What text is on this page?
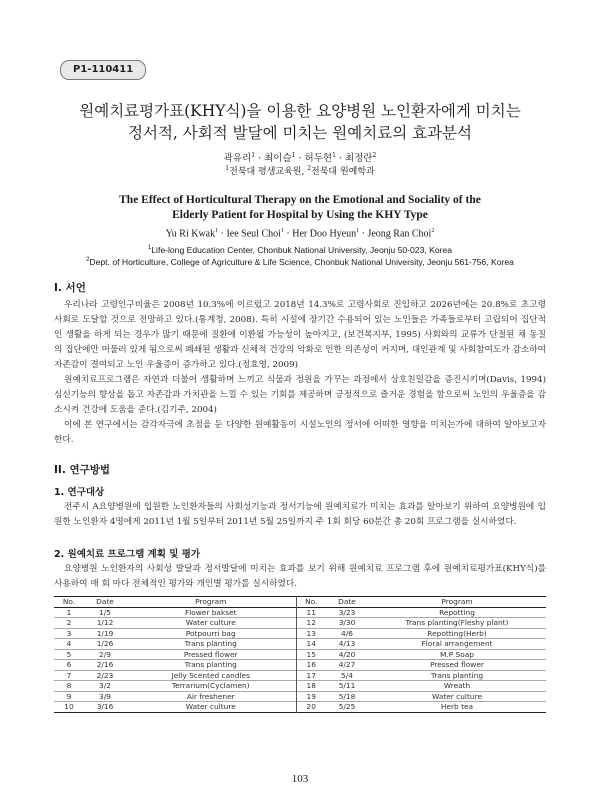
P1-110411
원예치료평가표(KHY식)을 이용한 요양병원 노인환자에게 미치는
정서적, 사회적 발달에 미치는 원예치료의 효과분석
곽유리$^1$ · 최이슬$^1$ · 허두현$^1$ · 최정란$^2$
$^1$전북대 평생교육원, $^2$전북대 원예학과
The Effect of Horticultural Therapy on the Emotional and Sociality of the
Elderly Patient for Hospital by Using the KHY Type
Yu Ri Kwak$^1$ · Iee Seul Choi$^1$ · Her Doo Hyeun$^1$ · Jeong Ran Choi$^2$
$^1$Life-long Education Center, Chonbuk National University, Jeonju 50-023, Korea
$^2$Dept. of Horticulture, College of Agriculture & Life Science, Chonbuk National University, Jeonju 561-756, Korea
I. 서언

우리나라 고령인구비율은 2008년 10.3%에 이르렀고 2018년 14.3%로 고령사회로 진입하고 2026년에는 20.8%로 초고령 사회로 도달할 것으로 전망하고 있다.(통계청, 2008). 특히 시설에 장기간 수용되어 있는 노인들은 가족들로부터 고립되어 집단적인 생활을 하게 되는 경우가 많기 때문에 질환에 이환될 가능성이 높아지고, (보건복지부, 1995) 사회와의 교류가 단절된 채 동질의 집단에만 머물러 있게 됨으로써 폐쇄된 생활과 신체적 건강의 악화로 인한 의존성이 커지며, 대인관계 및 사회참여도가 감소하여 자존감이 결여되고 노인 우울증이 증가하고 있다.(정효영, 2009)

원예치료프로그램은 자연과 더불어 생활하며 느끼고 식물과 정원을 가꾸는 과정에서 상호친밀감을 증진시키며(Davis, 1994) 심신기능의 향상을 돕고 자존감과 가치관을 느낄 수 있는 기회를 제공하며 긍정적으로 즐거운 경험을 함으로써 노인의 우울증을 감소시켜 건강에 도움을 준다.(김기주, 2004)

이에 본 연구에서는 감각자극에 초점을 둔 다양한 원예활동이 시설노인의 정서에 어떠한 영향을 미치는가에 대하여 알아보고자 한다.

II. 연구방법
1. 연구대상

전주시 A요양병원에 입원한 노인환자들의 사회성기능과 정서기능에 원예치료가 미치는 효과를 알아보기 위하여 요양병원에 입원한 노인환자 4명에게 2011년 1월 5일부터 2011년 5월 25일까지 주 1회 회당 60분간 총 20회 프로그램을 실시하였다.

2. 원예치료 프로그램 계획 및 평가

요양병원 노인환자의 사회성 발달과 정서발달에 미치는 효과를 보기 위해 원예치료 프로그램 후에 원예치료평가표(KHY식)를 사용하여 매 회 마다 전체적인 평가와 개인별 평가를 실시하였다.

No.	Date	Program	No.	Date	Program
1	1/5	Flower bakset	11	3/23	Repotting
2	1/12	Water culture	12	3/30	Trans planting(Fleshy plant)
3	1/19	Potpourri bag	13	4/6	Repotting(Herb)
4	1/26	Trans planting	14	4/13	Floral arrangement
5	2/9	Pressed flower	15	4/20	M.P Soap
6	2/16	Trans planting	16	4/27	Pressed flower
7	2/23	Jelly Scented candles	17	5/4	Trans planting
8	3/2	Terrarium(Cyclamen)	18	5/11	Wreath
9	3/9	Air freshener	19	5/18	Water culture
10	3/16	Water culture	20	5/25	Herb tea
103
